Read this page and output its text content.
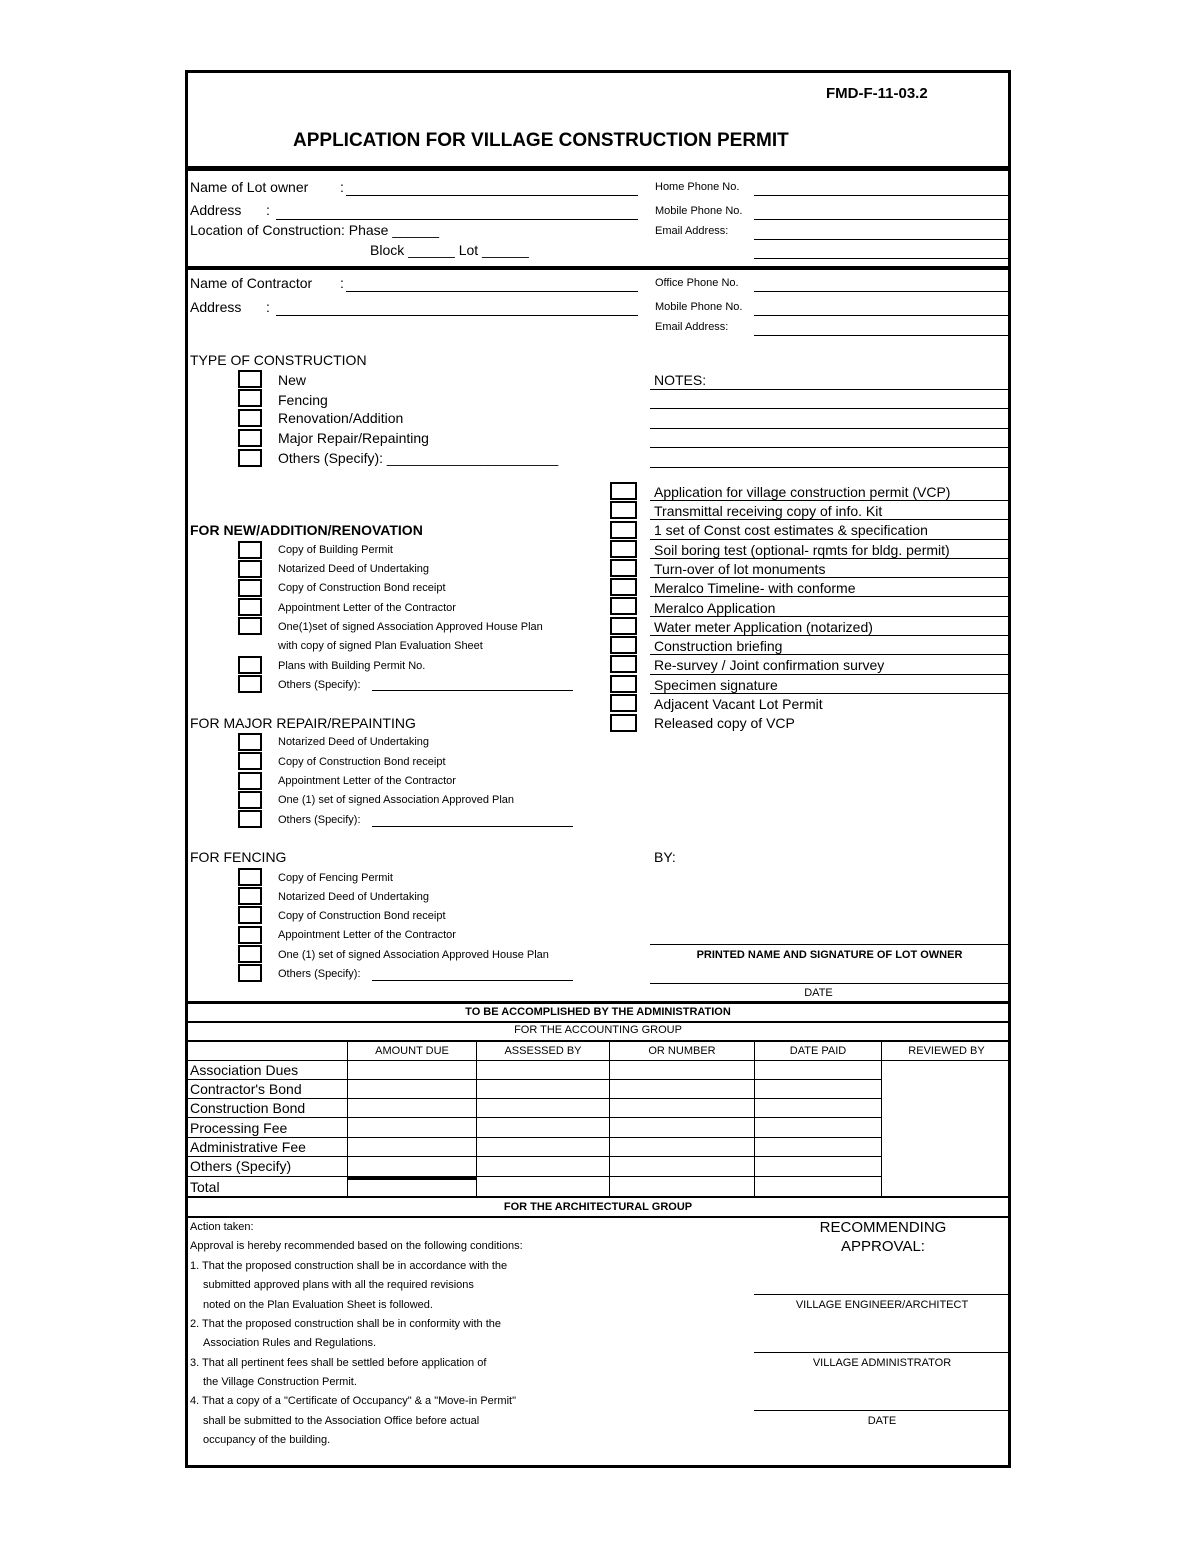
FMD-F-11-03.2
APPLICATION FOR VILLAGE CONSTRUCTION PERMIT
Name of Lot owner :
Address :
Location of Construction: Phase ______
Block ______ Lot ______
Home Phone No.
Mobile Phone No.
Email Address:
Name of Contractor :
Address :
Office Phone No.
Mobile Phone No.
Email Address:
TYPE OF CONSTRUCTION
New
Fencing
Renovation/Addition
Major Repair/Repainting
Others (Specify): ______________________
NOTES:
Application for village construction permit (VCP)
Transmittal receiving copy of info. Kit
1 set of Const cost estimates & specification
Soil boring test (optional- rqmts for bldg. permit)
Turn-over of lot monuments
Meralco Timeline- with conforme
Meralco Application
Water meter Application (notarized)
Construction briefing
Re-survey / Joint confirmation survey
Specimen signature
Adjacent Vacant Lot Permit
Released copy of VCP
FOR NEW/ADDITION/RENOVATION
Copy of Building Permit
Notarized Deed of Undertaking
Copy of Construction Bond receipt
Appointment Letter of the Contractor
One(1)set of signed Association Approved House Plan
with copy of signed Plan Evaluation Sheet
Plans with Building Permit No.
Others (Specify):
FOR MAJOR REPAIR/REPAINTING
Notarized Deed of Undertaking
Copy of Construction Bond receipt
Appointment Letter of the Contractor
One (1) set of signed Association Approved Plan
Others (Specify):
FOR FENCING
Copy of Fencing Permit
Notarized Deed of Undertaking
Copy of Construction Bond receipt
Appointment Letter of the Contractor
One (1) set of signed Association Approved House Plan
Others (Specify):
BY:
PRINTED NAME AND SIGNATURE OF LOT OWNER
DATE
TO BE ACCOMPLISHED BY THE ADMINISTRATION
FOR THE ACCOUNTING GROUP
AMOUNT DUE	ASSESSED BY	OR NUMBER	DATE PAID	REVIEWED BY
Association Dues
Contractor's Bond
Construction Bond
Processing Fee
Administrative Fee
Others (Specify)
Total
FOR THE ARCHITECTURAL GROUP
Action taken:
Approval is hereby recommended based on the following conditions:
1. That the proposed construction shall be in accordance with the
submitted approved plans with all the required revisions
noted on the Plan Evaluation Sheet is followed.
2. That the proposed construction shall be in conformity with the
Association Rules and Regulations.
3. That all pertinent fees shall be settled before application of
the Village Construction Permit.
4. That a copy of a "Certificate of Occupancy" & a "Move-in Permit"
shall be submitted to the Association Office before actual
occupancy of the building.
RECOMMENDING
APPROVAL:
VILLAGE ENGINEER/ARCHITECT
VILLAGE ADMINISTRATOR
DATE
